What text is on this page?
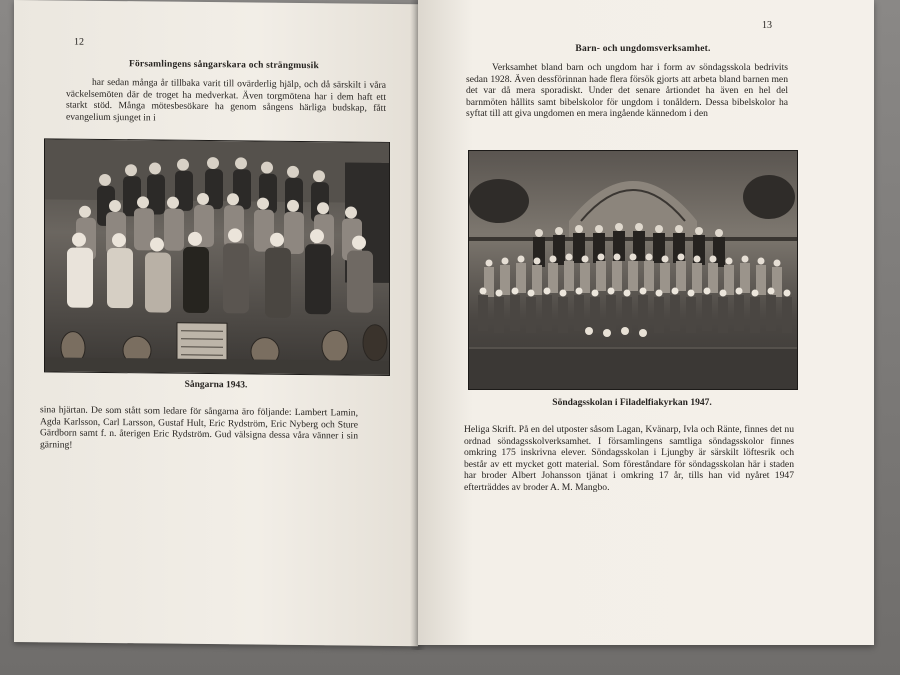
12
Församlingens sångarskara och strängmusik

har sedan många år tillbaka varit till ovärderlig hjälp, och då särskilt i våra väckelsemöten där de troget ha medverkat. Även torgmötena har i dem haft ett starkt stöd. Många mötesbesökare ha genom sångens härliga budskap, fått evangelium sjunget in i

Sångarna 1943.

sina hjärtan. De som stått som ledare för sångarna äro följande: Lambert Lamin, Agda Karlsson, Carl Larsson, Gustaf Hult, Eric Rydström, Eric Nyberg och Sture Gärdborn samt f. n. återigen Eric Rydström. Gud välsigna dessa våra vänner i sin gärning!

13
Barn- och ungdomsverksamhet.

Verksamhet bland barn och ungdom har i form av söndagsskola bedrivits sedan 1928. Även dessförinnan hade flera försök gjorts att arbeta bland barnen men det var då mera sporadiskt. Under det senare årtiondet ha även en hel del barnmöten hållits samt bibelskolor för ungdom i tonåldern. Dessa bibelskolor ha syftat till att giva ungdomen en mera ingående kännedom i den

Söndagsskolan i Filadelfiakyrkan 1947.

Heliga Skrift. På en del utposter såsom Lagan, Kvänarp, Ivla och Ränte, finnes det nu ordnad söndagsskolverksamhet. I församlingens samtliga söndagsskolor finnes omkring 175 inskrivna elever. Söndagsskolan i Ljungby är särskilt löftesrik och består av ett mycket gott material. Som föreståndare för söndagsskolan här i staden har broder Albert Johansson tjänat i omkring 17 år, tills han vid nyåret 1947 efterträddes av broder A. M. Mangbo.
